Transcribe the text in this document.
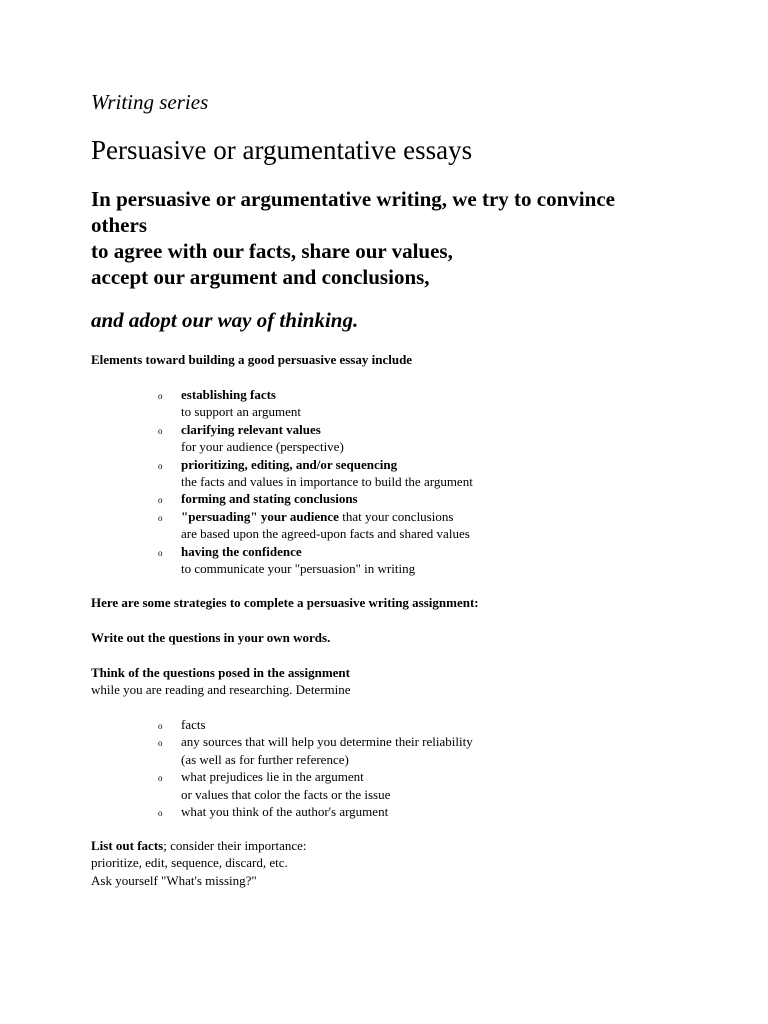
Writing series
Persuasive or argumentative essays
In persuasive or argumentative writing, we try to convince
others
to agree with our facts, share our values,
accept our argument and conclusions,
and adopt our way of thinking.
Elements toward building a good persuasive essay include
o establishing facts
to support an argument
o clarifying relevant values
for your audience (perspective)
o prioritizing, editing, and/or sequencing
the facts and values in importance to build the argument
o forming and stating conclusions
o "persuading" your audience that your conclusions
are based upon the agreed-upon facts and shared values
o having the confidence
to communicate your "persuasion" in writing
Here are some strategies to complete a persuasive writing assignment:
Write out the questions in your own words.
Think of the questions posed in the assignment
while you are reading and researching. Determine
o facts
o any sources that will help you determine their reliability
(as well as for further reference)
o what prejudices lie in the argument
or values that color the facts or the issue
o what you think of the author's argument
List out facts; consider their importance:
prioritize, edit, sequence, discard, etc.
Ask yourself "What's missing?"
